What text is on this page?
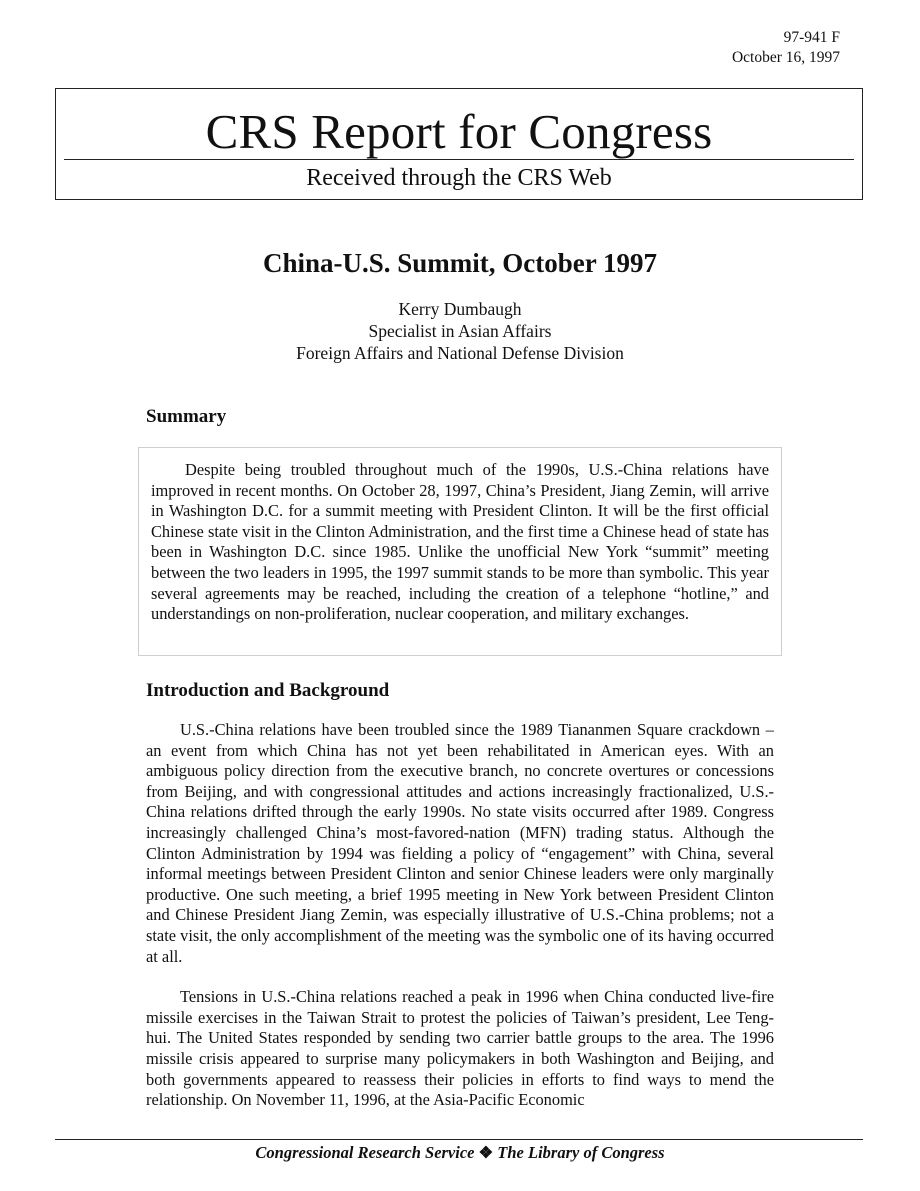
97-941 F
October 16, 1997
CRS Report for Congress
Received through the CRS Web
China-U.S. Summit, October 1997
Kerry Dumbaugh
Specialist in Asian Affairs
Foreign Affairs and National Defense Division
Summary

Despite being troubled throughout much of the 1990s, U.S.-China relations have improved in recent months. On October 28, 1997, China’s President, Jiang Zemin, will arrive in Washington D.C. for a summit meeting with President Clinton. It will be the first official Chinese state visit in the Clinton Administration, and the first time a Chinese head of state has been in Washington D.C. since 1985. Unlike the unofficial New York “summit” meeting between the two leaders in 1995, the 1997 summit stands to be more than symbolic. This year several agreements may be reached, including the creation of a telephone “hotline,” and understandings on non-proliferation, nuclear cooperation, and military exchanges.

Introduction and Background

U.S.-China relations have been troubled since the 1989 Tiananmen Square crackdown – an event from which China has not yet been rehabilitated in American eyes. With an ambiguous policy direction from the executive branch, no concrete overtures or concessions from Beijing, and with congressional attitudes and actions increasingly fractionalized, U.S.-China relations drifted through the early 1990s. No state visits occurred after 1989. Congress increasingly challenged China’s most-favored-nation (MFN) trading status. Although the Clinton Administration by 1994 was fielding a policy of “engagement” with China, several informal meetings between President Clinton and senior Chinese leaders were only marginally productive. One such meeting, a brief 1995 meeting in New York between President Clinton and Chinese President Jiang Zemin, was especially illustrative of U.S.-China problems; not a state visit, the only accomplishment of the meeting was the symbolic one of its having occurred at all.

Tensions in U.S.-China relations reached a peak in 1996 when China conducted live-fire missile exercises in the Taiwan Strait to protest the policies of Taiwan’s president, Lee Teng-hui. The United States responded by sending two carrier battle groups to the area. The 1996 missile crisis appeared to surprise many policymakers in both Washington and Beijing, and both governments appeared to reassess their policies in efforts to find ways to mend the relationship. On November 11, 1996, at the Asia-Pacific Economic

Congressional Research Service ❖ The Library of Congress
